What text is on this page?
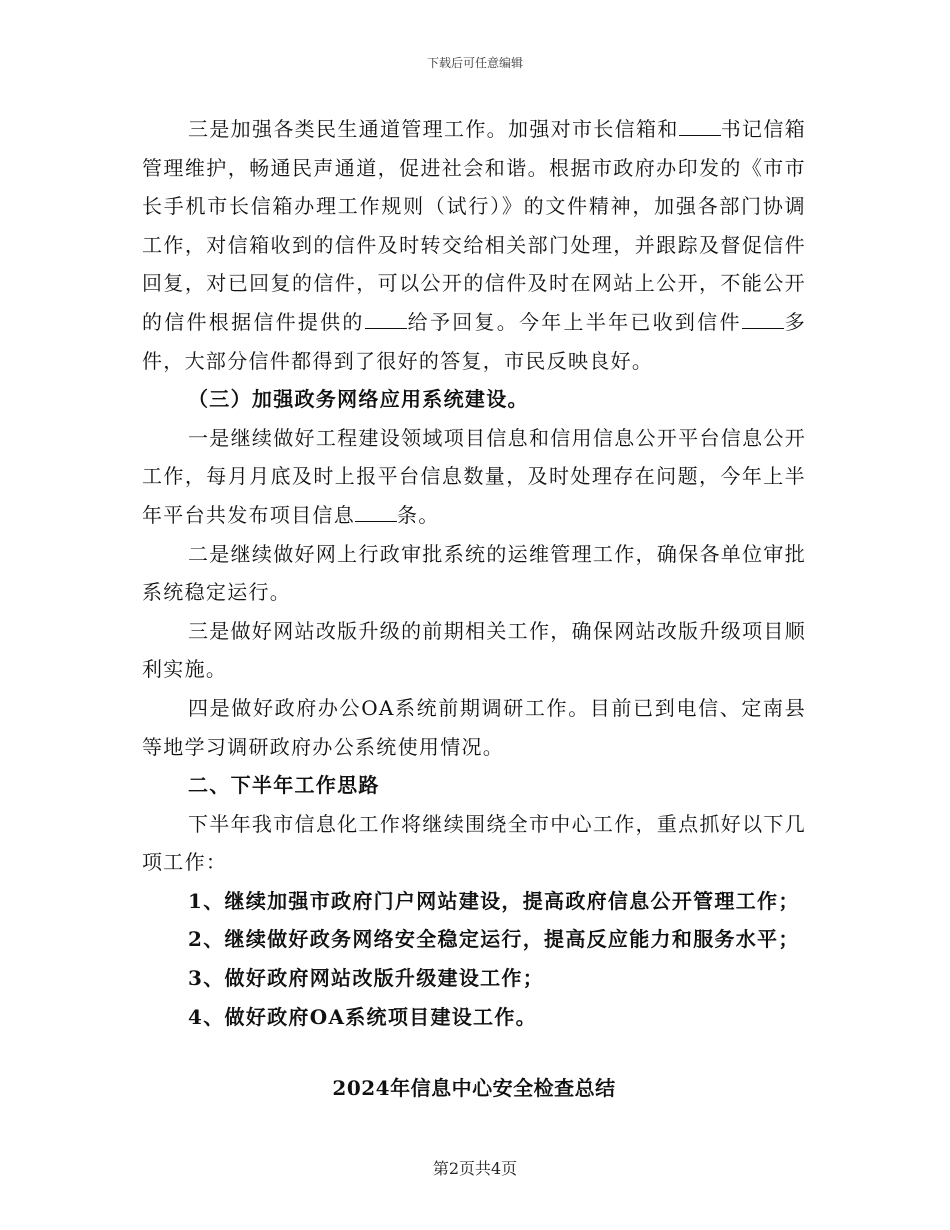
下载后可任意编辑

三是加强各类民生通道管理工作。加强对市长信箱和 书记信箱管理维护，畅通民声通道，促进社会和谐。根据市政府办印发的《市市长手机市长信箱办理工作规则（试行）》的文件精神，加强各部门协调工作，对信箱收到的信件及时转交给相关部门处理，并跟踪及督促信件回复，对已回复的信件，可以公开的信件及时在网站上公开，不能公开的信件根据信件提供的 给予回复。今年上半年已收到信件 多件，大部分信件都得到了很好的答复，市民反映良好。

（三）加强政务网络应用系统建设。

一是继续做好工程建设领域项目信息和信用信息公开平台信息公开工作，每月月底及时上报平台信息数量，及时处理存在问题，今年上半年平台共发布项目信息 条。

二是继续做好网上行政审批系统的运维管理工作，确保各单位审批系统稳定运行。

三是做好网站改版升级的前期相关工作，确保网站改版升级项目顺利实施。

四是做好政府办公OA系统前期调研工作。目前已到电信、定南县等地学习调研政府办公系统使用情况。

二、下半年工作思路

下半年我市信息化工作将继续围绕全市中心工作，重点抓好以下几项工作：

1、继续加强市政府门户网站建设，提高政府信息公开管理工作；

2、继续做好政务网络安全稳定运行，提高反应能力和服务水平；

3、做好政府网站改版升级建设工作；

4、做好政府OA系统项目建设工作。

2024年信息中心安全检查总结
第2页共4页
